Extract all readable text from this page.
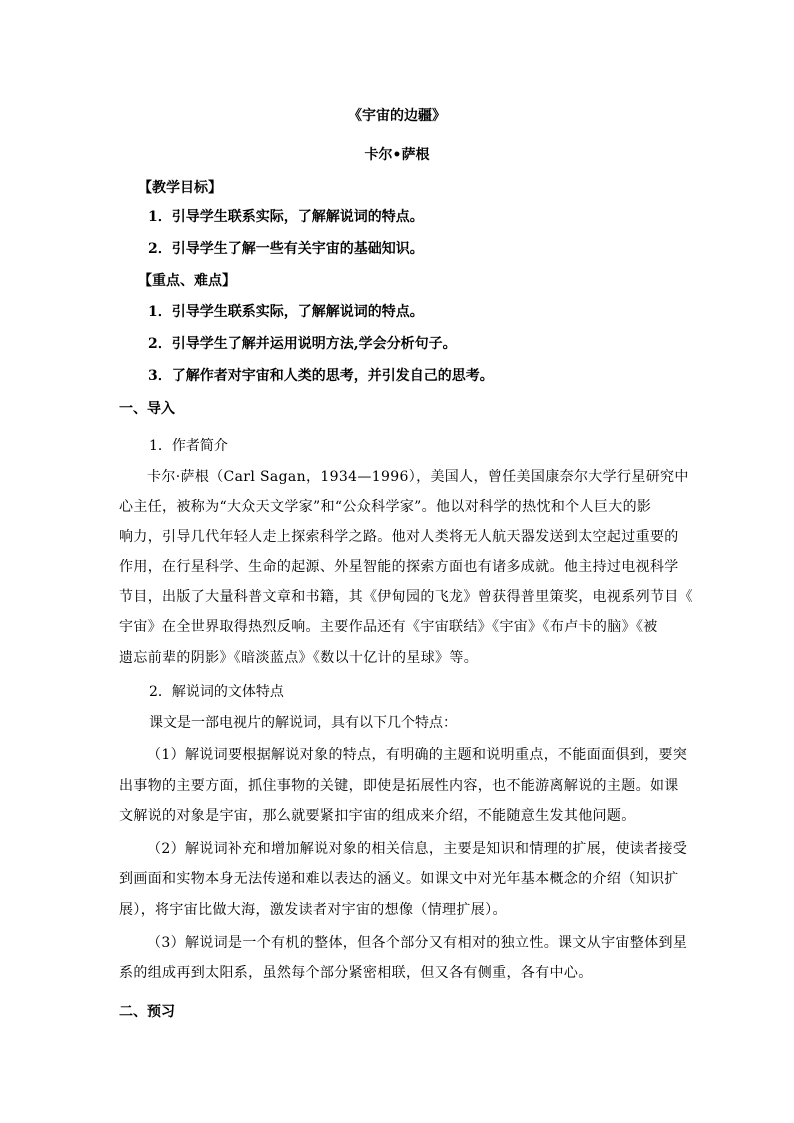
《宇宙的边疆》
卡尔•萨根
【教学目标】
1．引导学生联系实际，了解解说词的特点。
2．引导学生了解一些有关宇宙的基础知识。
【重点、难点】
1．引导学生联系实际，了解解说词的特点。
2．引导学生了解并运用说明方法,学会分析句子。
3．了解作者对宇宙和人类的思考，并引发自己的思考。
一、导入
1．作者简介
卡尔·萨根（Carl Sagan，1934—1996），美国人，曾任美国康奈尔大学行星研究中
心主任，被称为“大众天文学家”和“公众科学家”。他以对科学的热忱和个人巨大的影
响力，引导几代年轻人走上探索科学之路。他对人类将无人航天器发送到太空起过重要的
作用，在行星科学、生命的起源、外星智能的探索方面也有诸多成就。他主持过电视科学
节目，出版了大量科普文章和书籍，其《伊甸园的飞龙》曾获得普里策奖，电视系列节目《
宇宙》在全世界取得热烈反响。主要作品还有《宇宙联结》《宇宙》《布卢卡的脑》《被
遗忘前辈的阴影》《暗淡蓝点》《数以十亿计的星球》等。
2．解说词的文体特点
课文是一部电视片的解说词，具有以下几个特点：
（1）解说词要根据解说对象的特点，有明确的主题和说明重点，不能面面俱到，要突
出事物的主要方面，抓住事物的关键，即使是拓展性内容，也不能游离解说的主题。如课
文解说的对象是宇宙，那么就要紧扣宇宙的组成来介绍，不能随意生发其他问题。
（2）解说词补充和增加解说对象的相关信息，主要是知识和情理的扩展，使读者接受
到画面和实物本身无法传递和难以表达的涵义。如课文中对光年基本概念的介绍（知识扩
展），将宇宙比做大海，激发读者对宇宙的想像（情理扩展）。
（3）解说词是一个有机的整体，但各个部分又有相对的独立性。课文从宇宙整体到星
系的组成再到太阳系，虽然每个部分紧密相联，但又各有侧重，各有中心。
二、预习
